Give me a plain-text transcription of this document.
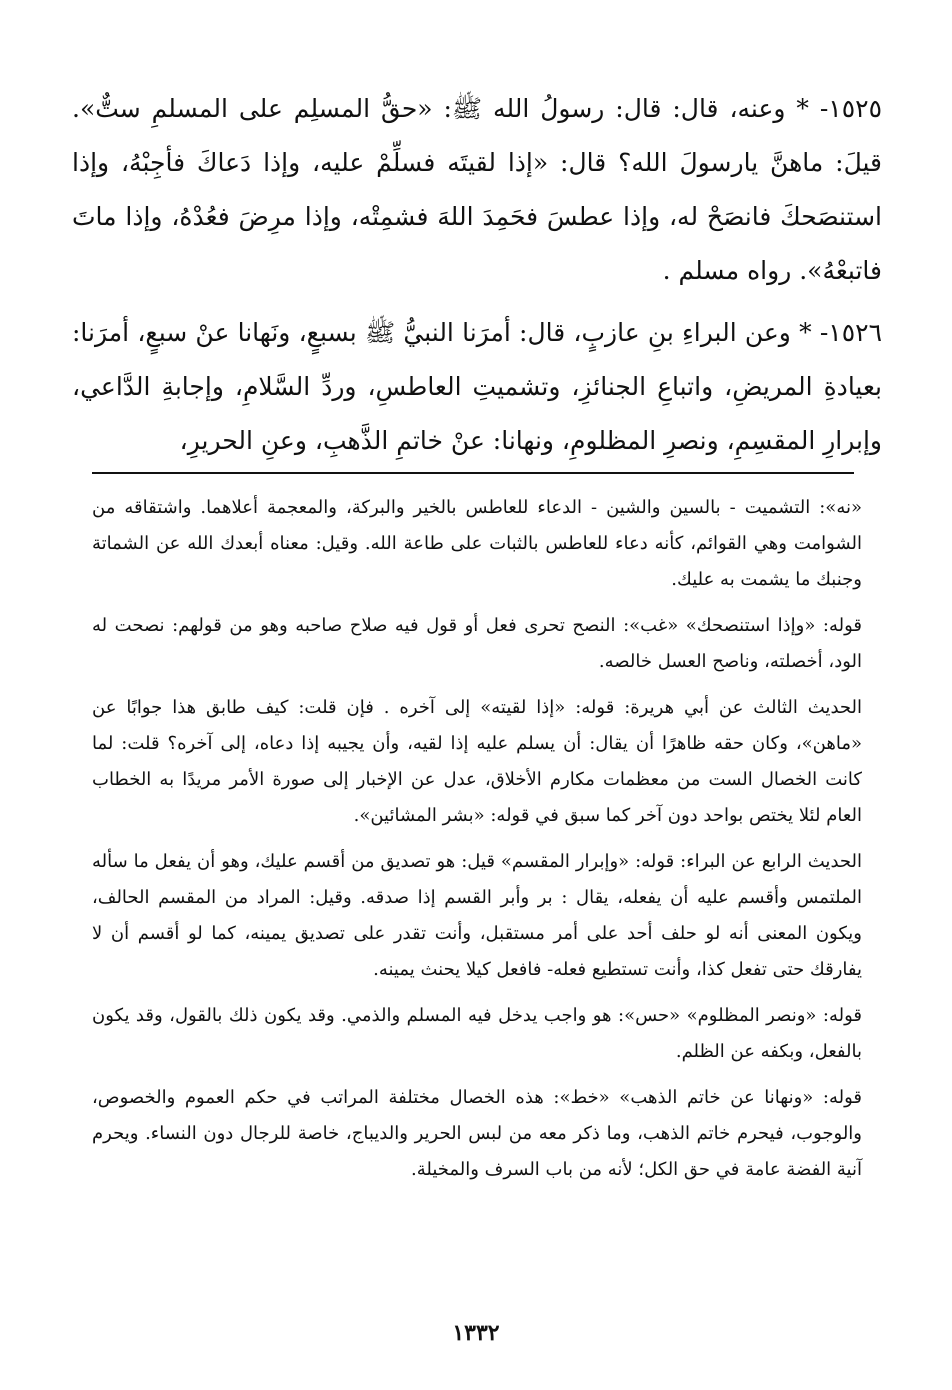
١٥٢٥- * وعنه، قال: قال: رسولُ الله ﷺ: «حقُّ المسلِم على المسلمِ ستٌّ». قيلَ: ماهنَّ يارسولَ الله؟ قال: «إذا لقيتَه فسلِّمْ عليه، وإذا دَعاكَ فأجِبْهُ، وإذا استنصَحكَ فانصَحْ له، وإذا عطسَ فحَمِدَ اللهَ فشمِتْه، وإذا مرِضَ فعُدْهُ، وإذا ماتَ فاتبعْهُ». رواه مسلم .

١٥٢٦- * وعن البراءِ بنِ عازبٍ، قال: أمرَنا النبيُّ ﷺ بسبعٍ، ونَهانا عنْ سبعٍ، أمرَنا: بعيادةِ المريضِ، واتباعِ الجنائزِ، وتشميتِ العاطسِ، وردِّ السَّلامِ، وإجابةِ الدَّاعي، وإبرارِ المقسِمِ، ونصرِ المظلومِ، ونهانا: عنْ خاتمِ الذَّهبِ، وعنِ الحريرِ،

«نه»: التشميت - بالسين والشين - الدعاء للعاطس بالخير والبركة، والمعجمة أعلاهما. واشتقاقه من الشوامت وهي القوائم، كأنه دعاء للعاطس بالثبات على طاعة الله. وقيل: معناه أبعدك الله عن الشماتة وجنبك ما يشمت به عليك.

قوله: «وإذا استنصحك» «غب»: النصح تحرى فعل أو قول فيه صلاح صاحبه وهو من قولهم: نصحت له الود، أخصلته، وناصح العسل خالصه.

الحديث الثالث عن أبي هريرة: قوله: «إذا لقيته» إلى آخره . فإن قلت: كيف طابق هذا جوابًا عن «ماهن»، وكان حقه ظاهرًا أن يقال: أن يسلم عليه إذا لقيه، وأن يجيبه إذا دعاه، إلى آخره؟ قلت: لما كانت الخصال الست من معظمات مكارم الأخلاق، عدل عن الإخبار إلى صورة الأمر مريدًا به الخطاب العام لئلا يختص بواحد دون آخر كما سبق في قوله: «بشر المشائين».

الحديث الرابع عن البراء: قوله: «وإبرار المقسم» قيل: هو تصديق من أقسم عليك، وهو أن يفعل ما سأله الملتمس وأقسم عليه أن يفعله، يقال : بر وأبر القسم إذا صدقه. وقيل: المراد من المقسم الحالف، ويكون المعنى أنه لو حلف أحد على أمر مستقبل، وأنت تقدر على تصديق يمينه، كما لو أقسم أن لا يفارقك حتى تفعل كذا، وأنت تستطيع فعله- فافعل كيلا يحنث يمينه.

قوله: «ونصر المظلوم» «حس»: هو واجب يدخل فيه المسلم والذمي. وقد يكون ذلك بالقول، وقد يكون بالفعل، وبكفه عن الظلم.

قوله: «ونهانا عن خاتم الذهب» «خط»: هذه الخصال مختلفة المراتب في حكم العموم والخصوص، والوجوب، فيحرم خاتم الذهب، وما ذكر معه من لبس الحرير والديباج، خاصة للرجال دون النساء. ويحرم آنية الفضة عامة في حق الكل؛ لأنه من باب السرف والمخيلة.

١٣٣٢
